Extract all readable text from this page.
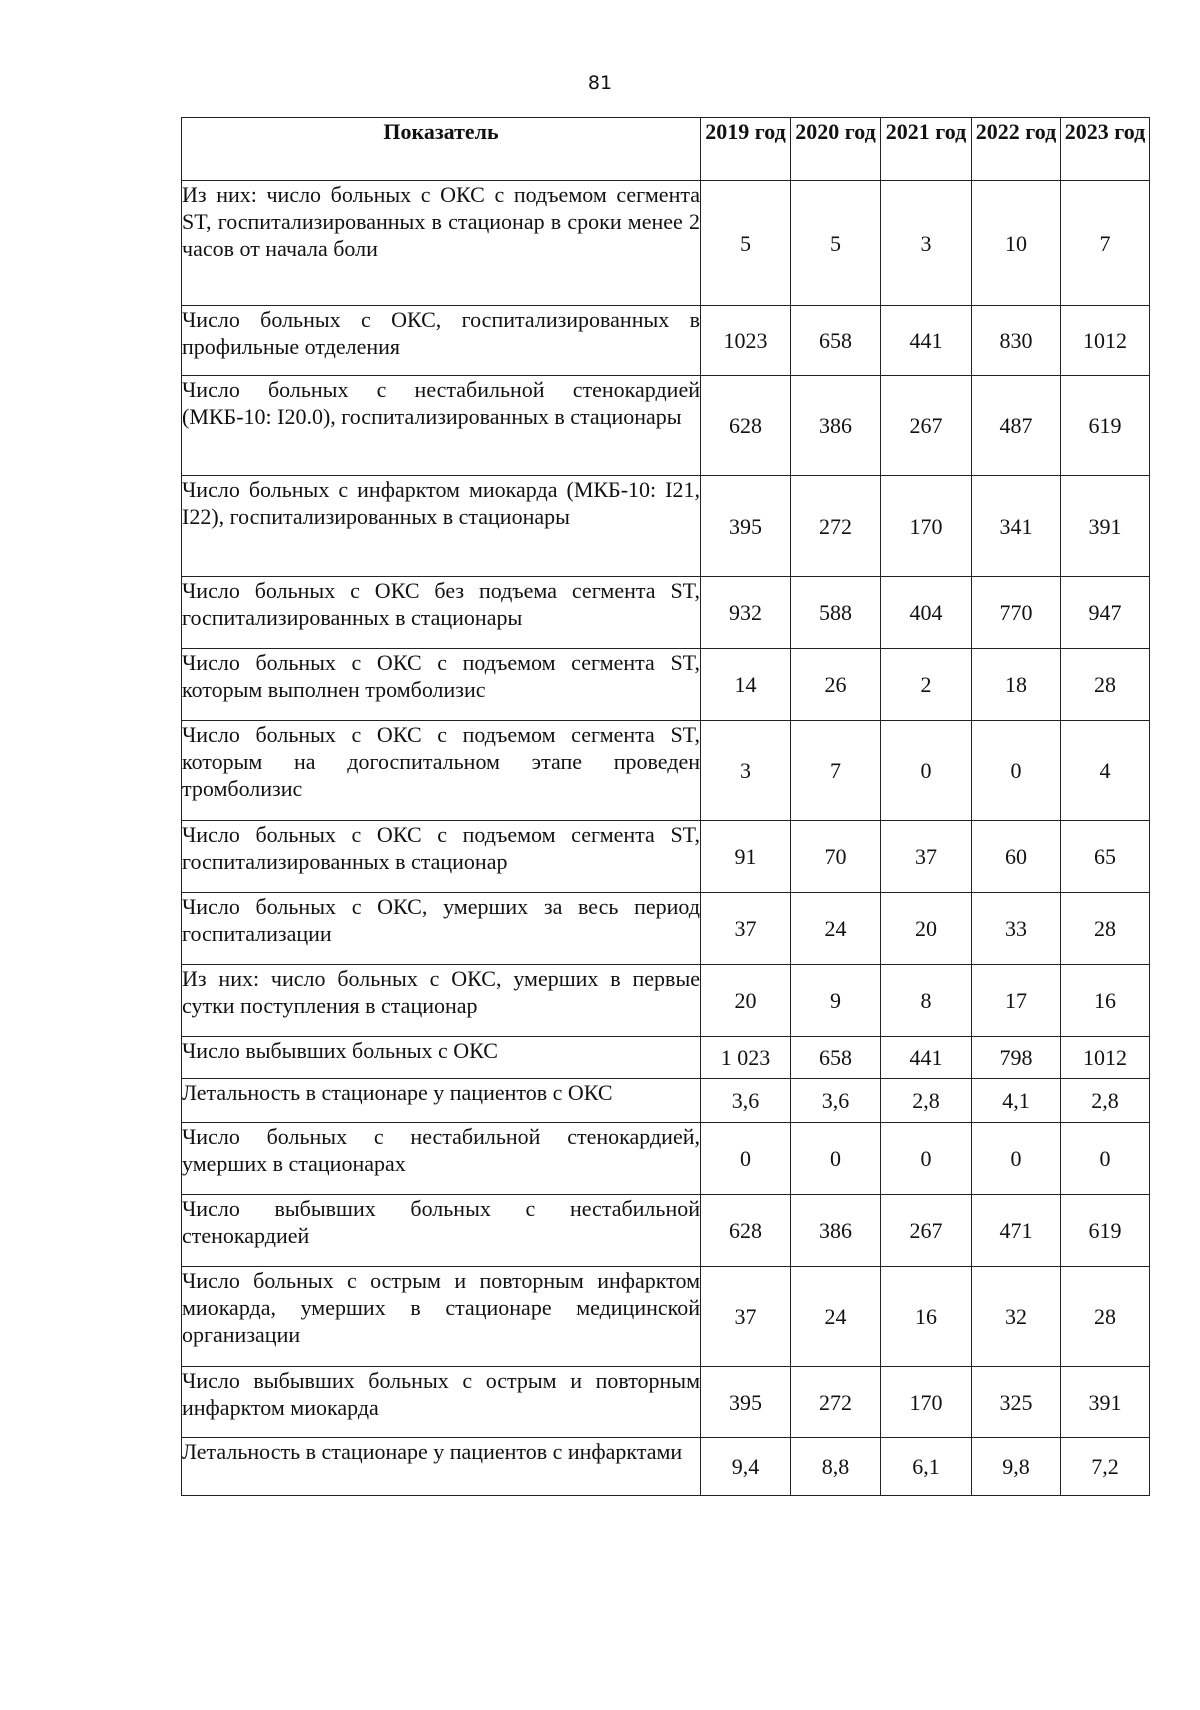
81
Показатель	2019 год	2020 год	2021 год	2022 год	2023 год
Из них: число больных с ОКС с подъемом сегмента ST, госпитализированных в стационар в сроки менее 2 часов от начала боли	5	5	3	10	7
Число больных с ОКС, госпитализированных в профильные отделения	1023	658	441	830	1012
Число больных с нестабильной стенокардией (МКБ-10: I20.0), госпитализированных в стационары	628	386	267	487	619
Число больных с инфарктом миокарда (МКБ-10: I21, I22), госпитализированных в стационары	395	272	170	341	391
Число больных с ОКС без подъема сегмента ST, госпитализированных в стационары	932	588	404	770	947
Число больных с ОКС с подъемом сегмента ST, которым выполнен тромболизис	14	26	2	18	28
Число больных с ОКС с подъемом сегмента ST, которым на догоспитальном этапе проведен тромболизис	3	7	0	0	4
Число больных с ОКС с подъемом сегмента ST, госпитализированных в стационар	91	70	37	60	65
Число больных с ОКС, умерших за весь период госпитализации	37	24	20	33	28
Из них: число больных с ОКС, умерших в первые сутки поступления в стационар	20	9	8	17	16
Число выбывших больных с ОКС	1 023	658	441	798	1012
Летальность в стационаре у пациентов с ОКС	3,6	3,6	2,8	4,1	2,8
Число больных с нестабильной стенокардией, умерших в стационарах	0	0	0	0	0
Число выбывших больных с нестабильной стенокардией	628	386	267	471	619
Число больных с острым и повторным инфарктом миокарда, умерших в стационаре медицинской организации	37	24	16	32	28
Число выбывших больных с острым и повторным инфарктом миокарда	395	272	170	325	391
Летальность в стационаре у пациентов с инфарктами	9,4	8,8	6,1	9,8	7,2
